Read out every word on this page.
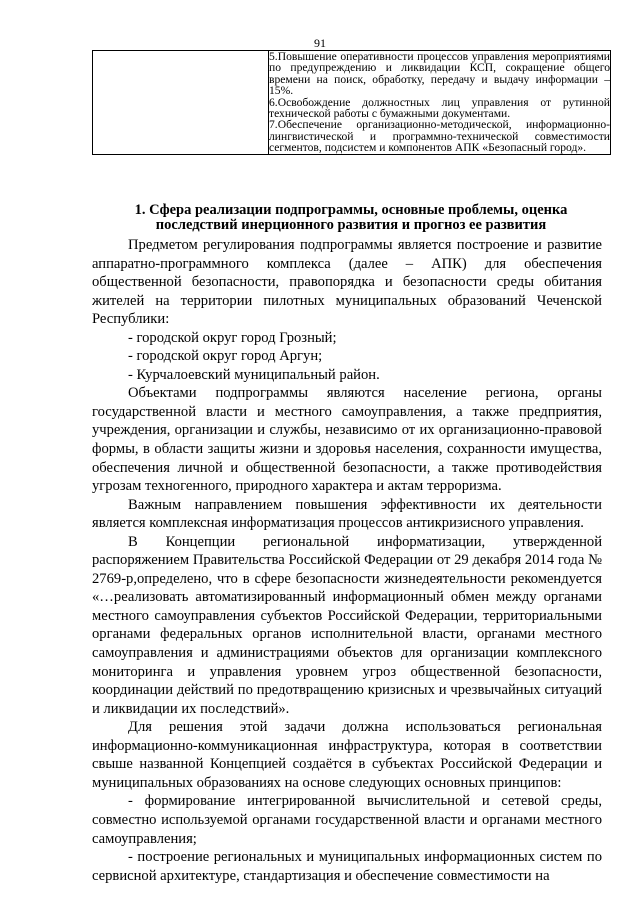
91

5.Повышение оперативности процессов управления мероприятиями по предупреждению и ликвидации КСП, сокращение общего времени на поиск, обработку, передачу и выдачу информации – 15%.
6.Освобождение должностных лиц управления от рутинной технической работы с бумажными документами.
7.Обеспечение организационно-методической, информационно-лингвистической и программно-технической совместимости сегментов, подсистем и компонентов АПК «Безопасный город».
1. Сфера реализации подпрограммы, основные проблемы, оценка последствий инерционного развития и прогноз ее развития

Предметом регулирования подпрограммы является построение и развитие аппаратно-программного комплекса (далее – АПК) для обеспечения общественной безопасности, правопорядка и безопасности среды обитания жителей на территории пилотных муниципальных образований Чеченской Республики:

- городской округ город Грозный;

- городской округ город Аргун;

- Курчалоевский муниципальный район.

Объектами подпрограммы являются население региона, органы государственной власти и местного самоуправления, а также предприятия, учреждения, организации и службы, независимо от их организационно-правовой формы, в области защиты жизни и здоровья населения, сохранности имущества, обеспечения личной и общественной безопасности, а также противодействия угрозам техногенного, природного характера и актам терроризма.

Важным направлением повышения эффективности их деятельности является комплексная информатизация процессов антикризисного управления.

В Концепции региональной информатизации, утвержденной распоряжением Правительства Российской Федерации от 29 декабря 2014 года № 2769-р,определено, что в сфере безопасности жизнедеятельности рекомендуется «…реализовать автоматизированный информационный обмен между органами местного самоуправления субъектов Российской Федерации, территориальными органами федеральных органов исполнительной власти, органами местного самоуправления и администрациями объектов для организации комплексного мониторинга и управления уровнем угроз общественной безопасности, координации действий по предотвращению кризисных и чрезвычайных ситуаций и ликвидации их последствий».

Для решения этой задачи должна использоваться региональная информационно-коммуникационная инфраструктура, которая в соответствии свыше названной Концепцией создаётся в субъектах Российской Федерации и муниципальных образованиях на основе следующих основных принципов:

- формирование интегрированной вычислительной и сетевой среды, совместно используемой органами государственной власти и органами местного самоуправления;

- построение региональных и муниципальных информационных систем по сервисной архитектуре, стандартизация и обеспечение совместимости на
